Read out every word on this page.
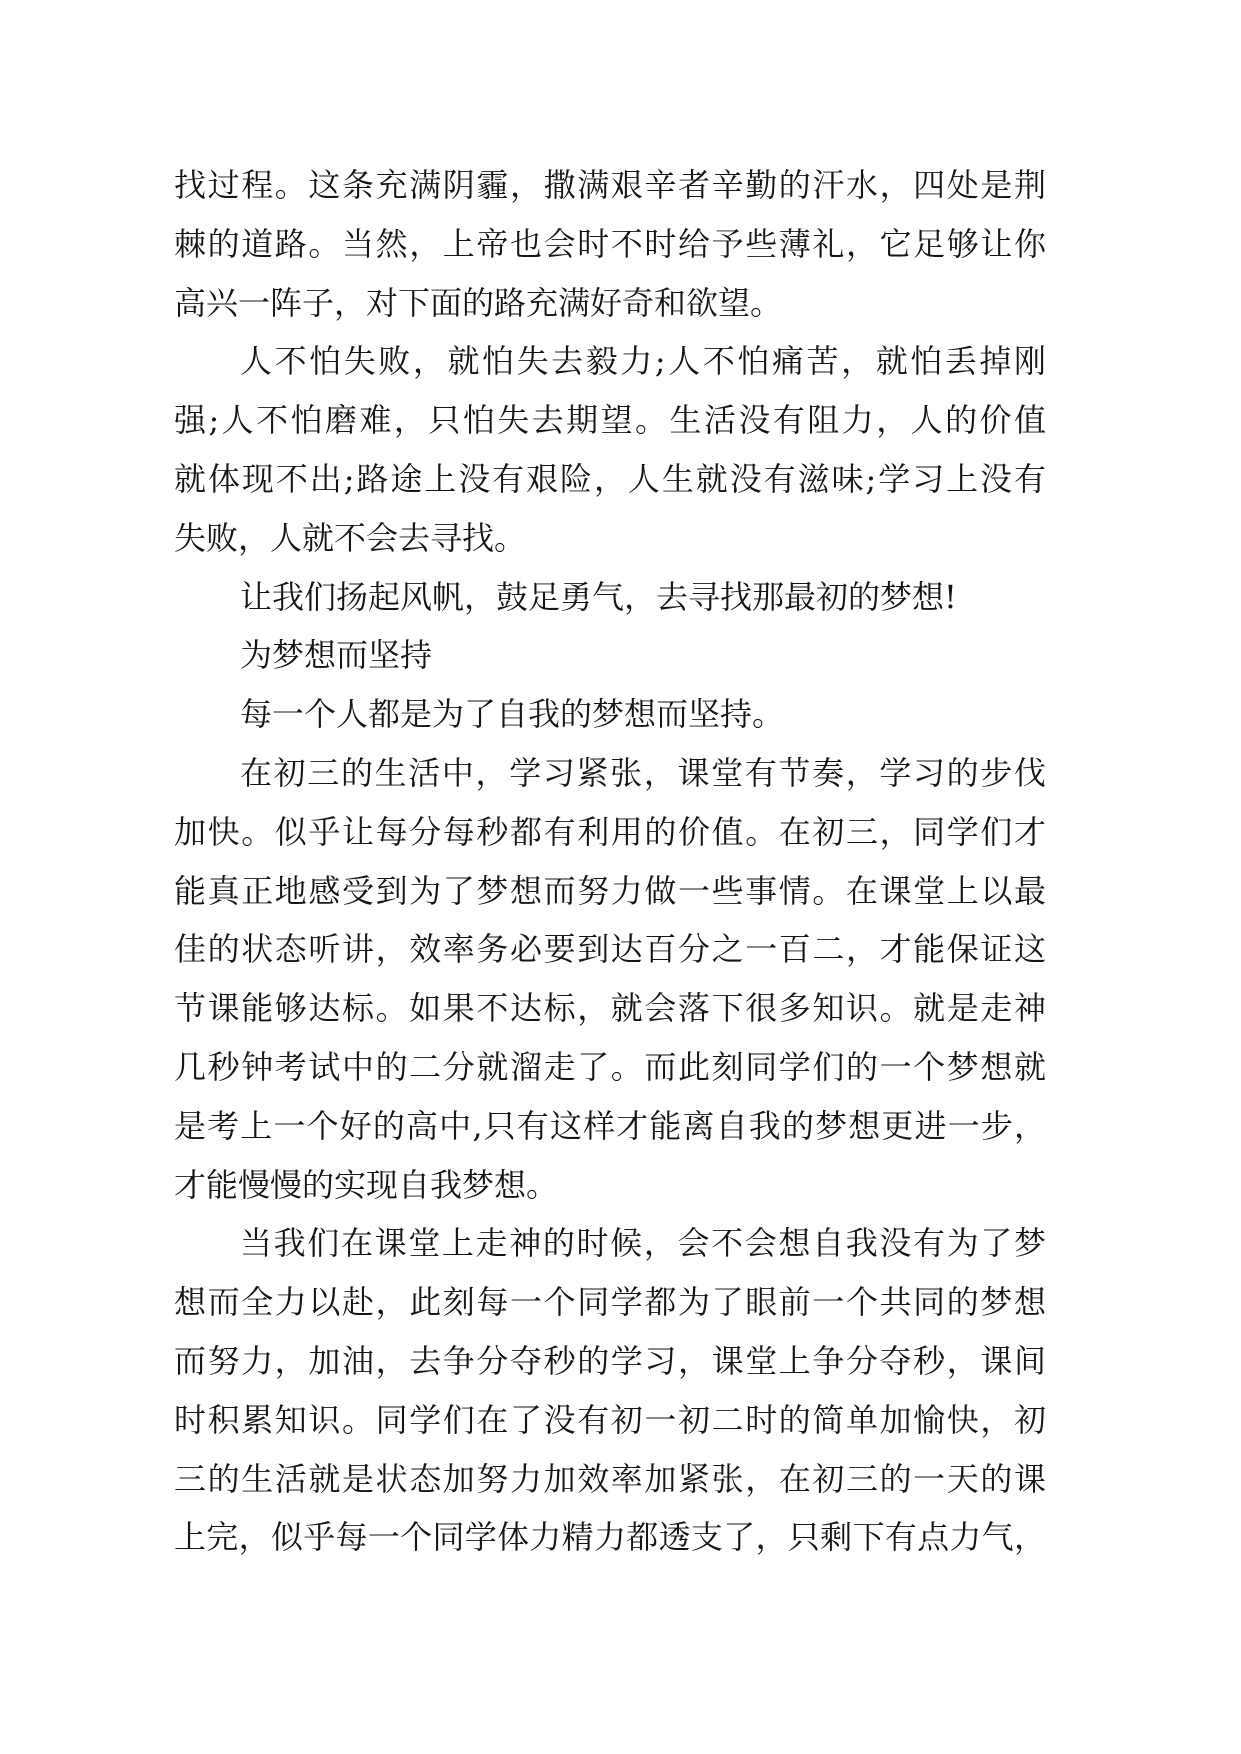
找过程。这条充满阴霾，撒满艰辛者辛勤的汗水，四处是荆
棘的道路。当然，上帝也会时不时给予些薄礼，它足够让你
高兴一阵子，对下面的路充满好奇和欲望。
人不怕失败，就怕失去毅力;人不怕痛苦，就怕丢掉刚
强;人不怕磨难，只怕失去期望。生活没有阻力，人的价值
就体现不出;路途上没有艰险，人生就没有滋味;学习上没有
失败，人就不会去寻找。
让我们扬起风帆，鼓足勇气，去寻找那最初的梦想!
为梦想而坚持
每一个人都是为了自我的梦想而坚持。
在初三的生活中，学习紧张，课堂有节奏，学习的步伐
加快。似乎让每分每秒都有利用的价值。在初三，同学们才
能真正地感受到为了梦想而努力做一些事情。在课堂上以最
佳的状态听讲，效率务必要到达百分之一百二，才能保证这
节课能够达标。如果不达标，就会落下很多知识。就是走神
几秒钟考试中的二分就溜走了。而此刻同学们的一个梦想就
是考上一个好的高中,只有这样才能离自我的梦想更进一步，
才能慢慢的实现自我梦想。
当我们在课堂上走神的时候，会不会想自我没有为了梦
想而全力以赴，此刻每一个同学都为了眼前一个共同的梦想
而努力，加油，去争分夺秒的学习，课堂上争分夺秒，课间
时积累知识。同学们在了没有初一初二时的简单加愉快，初
三的生活就是状态加努力加效率加紧张，在初三的一天的课
上完，似乎每一个同学体力精力都透支了，只剩下有点力气，
